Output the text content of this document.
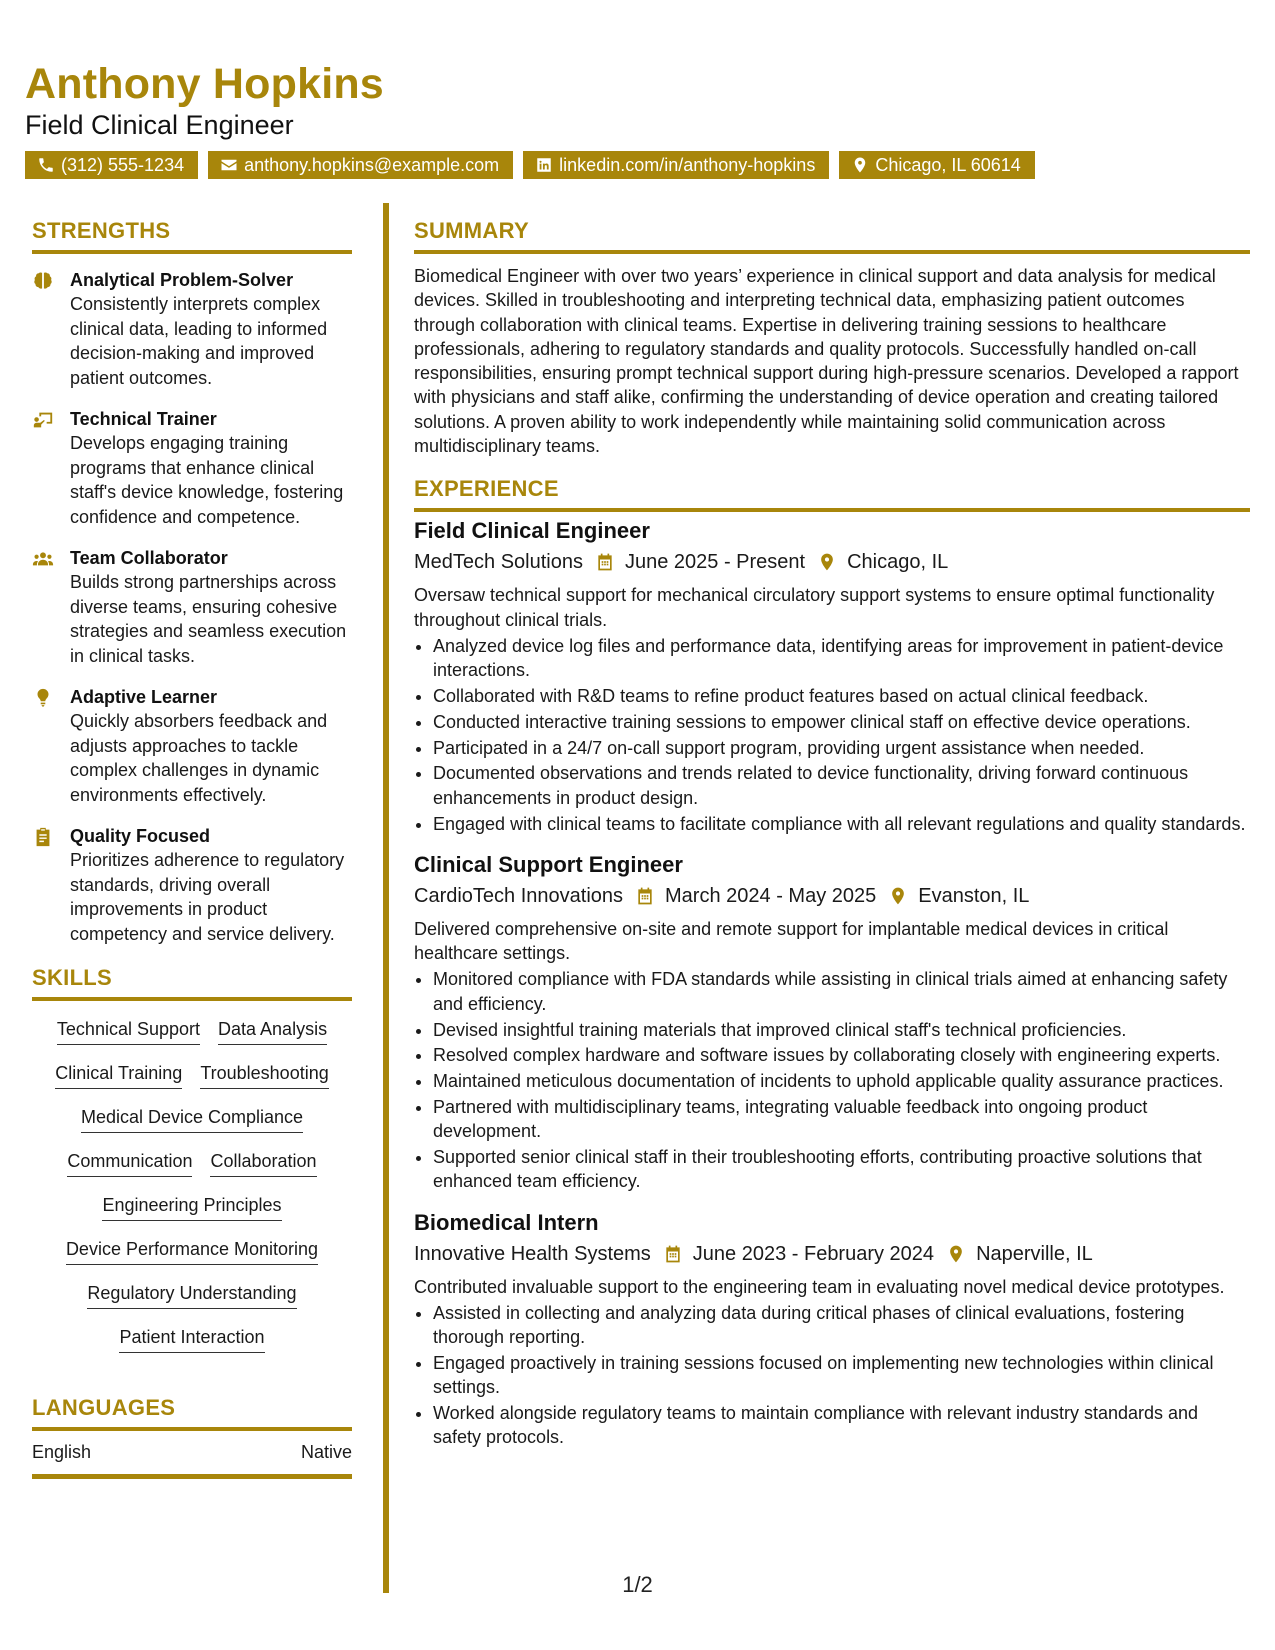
Anthony Hopkins
Field Clinical Engineer
(312) 555-1234	anthony.hopkins@example.com	linkedin.com/in/anthony-hopkins	Chicago, IL 60614
STRENGTHS
Analytical Problem-Solver
Consistently interprets complex clinical data, leading to informed decision-making and improved patient outcomes.
Technical Trainer
Develops engaging training programs that enhance clinical staff's device knowledge, fostering confidence and competence.
Team Collaborator
Builds strong partnerships across diverse teams, ensuring cohesive strategies and seamless execution in clinical tasks.
Adaptive Learner
Quickly absorbers feedback and adjusts approaches to tackle complex challenges in dynamic environments effectively.
Quality Focused
Prioritizes adherence to regulatory standards, driving overall improvements in product competency and service delivery.
SKILLS
Technical Support Data Analysis
Clinical Training Troubleshooting
Medical Device Compliance
Communication Collaboration
Engineering Principles
Device Performance Monitoring
Regulatory Understanding
Patient Interaction
LANGUAGES
English	Native
SUMMARY
Biomedical Engineer with over two years’ experience in clinical support and data analysis for medical devices. Skilled in troubleshooting and interpreting technical data, emphasizing patient outcomes through collaboration with clinical teams. Expertise in delivering training sessions to healthcare professionals, adhering to regulatory standards and quality protocols. Successfully handled on-call responsibilities, ensuring prompt technical support during high-pressure scenarios. Developed a rapport with physicians and staff alike, confirming the understanding of device operation and creating tailored solutions. A proven ability to work independently while maintaining solid communication across multidisciplinary teams.
EXPERIENCE
Field Clinical Engineer
MedTech Solutions June 2025 - Present Chicago, IL
Oversaw technical support for mechanical circulatory support systems to ensure optimal functionality throughout clinical trials.
• Analyzed device log files and performance data, identifying areas for improvement in patient-device interactions.
• Collaborated with R&D teams to refine product features based on actual clinical feedback.
• Conducted interactive training sessions to empower clinical staff on effective device operations.
• Participated in a 24/7 on-call support program, providing urgent assistance when needed.
• Documented observations and trends related to device functionality, driving forward continuous enhancements in product design.
• Engaged with clinical teams to facilitate compliance with all relevant regulations and quality standards.
Clinical Support Engineer
CardioTech Innovations March 2024 - May 2025 Evanston, IL
Delivered comprehensive on-site and remote support for implantable medical devices in critical healthcare settings.
• Monitored compliance with FDA standards while assisting in clinical trials aimed at enhancing safety and efficiency.
• Devised insightful training materials that improved clinical staff's technical proficiencies.
• Resolved complex hardware and software issues by collaborating closely with engineering experts.
• Maintained meticulous documentation of incidents to uphold applicable quality assurance practices.
• Partnered with multidisciplinary teams, integrating valuable feedback into ongoing product development.
• Supported senior clinical staff in their troubleshooting efforts, contributing proactive solutions that enhanced team efficiency.
Biomedical Intern
Innovative Health Systems June 2023 - February 2024 Naperville, IL
Contributed invaluable support to the engineering team in evaluating novel medical device prototypes.
• Assisted in collecting and analyzing data during critical phases of clinical evaluations, fostering thorough reporting.
• Engaged proactively in training sessions focused on implementing new technologies within clinical settings.
• Worked alongside regulatory teams to maintain compliance with relevant industry standards and safety protocols.
1/2
